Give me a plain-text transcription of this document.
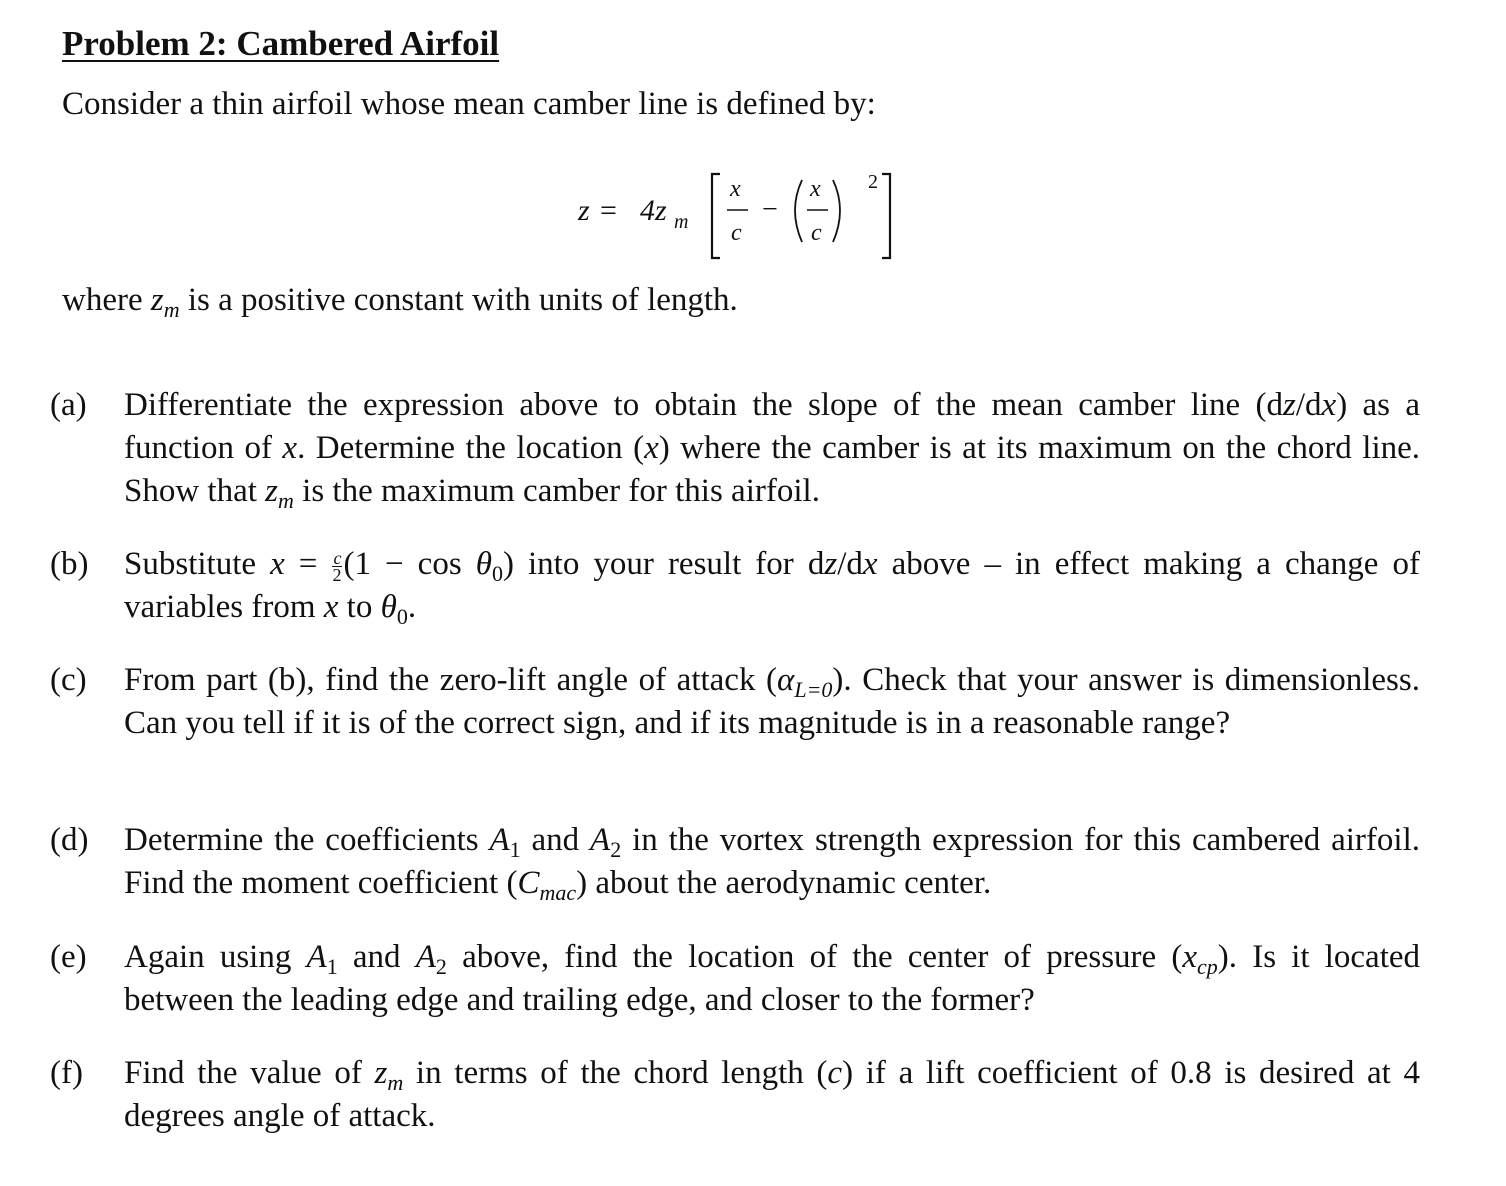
Problem 2: Cambered Airfoil
Consider a thin airfoil whose mean camber line is defined by:
z = 4z m
x
c
−
x
c
2
where $z_m$ is a positive constant with units of length.
(a)	Differentiate the expression above to obtain the slope of the mean camber line (dz/dx) as a function of x. Determine the location (x) where the camber is at its maximum on the chord line. Show that $z_m$ is the maximum camber for this airfoil.
(b)	Substitute $x = \frac{c}{2} (1 - \cos \theta_0)$ into your result for dz/dx above – in effect making a change of variables from x to $\theta_0$.
(c)	From part (b), find the zero-lift angle of attack $(\alpha_{L=0})$. Check that your answer is dimensionless. Can you tell if it is of the correct sign, and if its magnitude is in a reasonable range?
(d)	Determine the coefficients $A_1$ and $A_2$ in the vortex strength expression for this cambered airfoil. Find the moment coefficient $(C_{mac})$ about the aerodynamic center.
(e)	Again using $A_1$ and $A_2$ above, find the location of the center of pressure $(x_{cp})$. Is it located between the leading edge and trailing edge, and closer to the former?
(f)	Find the value of $z_m$ in terms of the chord length (c) if a lift coefficient of 0.8 is desired at 4 degrees angle of attack.
